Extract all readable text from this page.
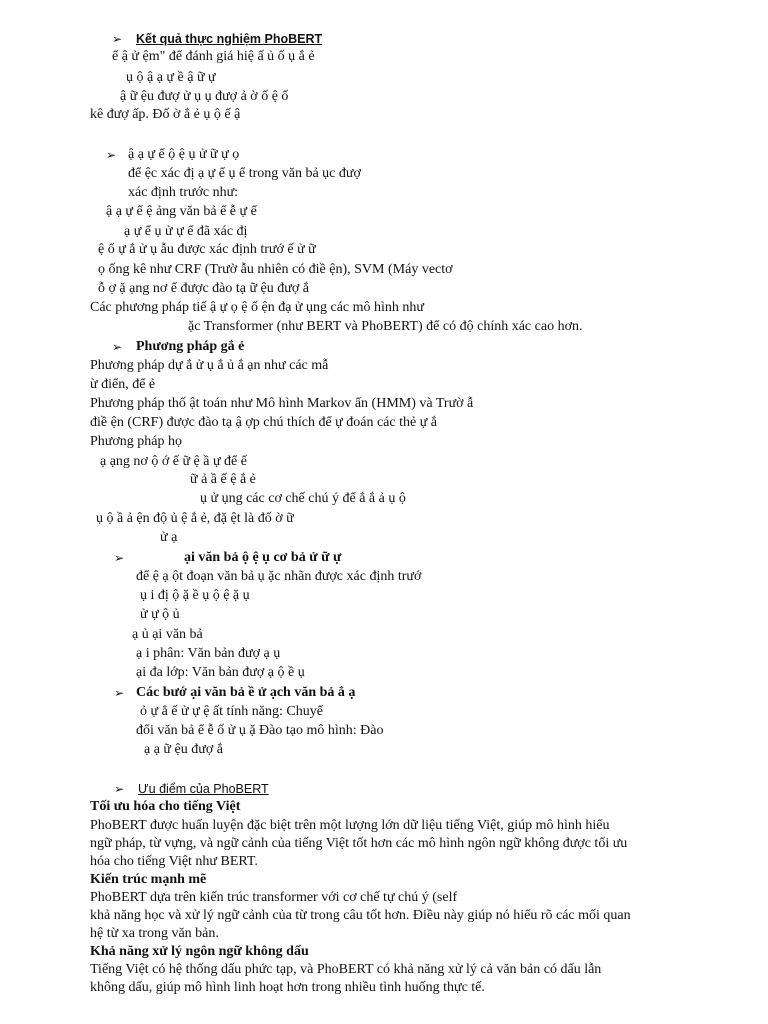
➢ Kết quả thực nghiệm PhoBERT
ể ậ ử ệm" để đánh giá hiệ ấ ủ ố ụ ắ ẻ
ụ ộ ậ ạ ự ề ậ ữ ự
ậ ữ ệu đượ ử ụ ụ đượ ả ờ ố ệ ố
kê đượ ấp. Đố ờ ắ ẻ ụ ộ ế ậ
➢ ậ ạ ự ể ộ ệ ụ ử ữ ự ọ
để ệc xác đị ạ ự ể ụ ể trong văn bả ục đượ
xác định trước như:
ậ ạ ự ể ệ ảng văn bả ể ễ ự ể
ạ ự ể ụ ử ự ể đã xác đị
ệ ố ự ắ ử ụ ẫu được xác định trướ ế ử ữ
ọ ống kê như CRF (Trườ ẫu nhiên có điề ện), SVM (Máy vectơ
ỗ ợ ặ ạng nơ ể được đào tạ ữ ệu đượ ắ
Các phương pháp tiế ậ ự ọ ệ ố ện đạ ử ụng các mô hình như
ặc Transformer (như BERT và PhoBERT) để có độ chính xác cao hơn.
➢ Phương pháp gắ ẻ
Phương pháp dự ắ ử ụ ắ ủ ắ ạn như các mẫ
ừ điển, để ẻ
Phương pháp thố ật toán như Mô hình Markov ẩn (HMM) và Trườ ẫ
điề ện (CRF) được đào tạ ậ ợp chú thích để ự đoán các thẻ ự ắ
Phương pháp họ
ạ ạng nơ ộ ớ ế ữ ệ ầ ự để ế
ữ ả ầ ế ệ ắ ẻ
ụ ử ụng các cơ chế chú ý để ắ ắ ả ụ ộ
ụ ộ ầ ả ện độ ủ ệ ắ ẻ, đặ ệt là đố ờ ữ
ử ạ
➢	ại văn bả ộ ệ ụ cơ bả ử ữ ự
để ệ ạ ột đoạn văn bả ụ ặc nhãn được xác định trướ
ụ i đị ộ ặ ề ụ ộ ệ ặ ụ
ử ự ộ ủ
ạ ủ ại văn bả
ạ i phân: Văn bản đượ ạ ụ
ại đa lớp: Văn bản đượ ạ ộ ề ụ
➢ Các bướ ại văn bả ề ử ạch văn bả ẳ ạ
ỏ ự ẳ ế ử ự ệ ất tính năng: Chuyể
đổi văn bả ể ễ ố ử ụ ặ Đào tạo mô hình: Đào
ạ ạ ữ ệu đượ ắ
➢ Ưu điểm của PhoBERT
Tối ưu hóa cho tiếng Việt
PhoBERT được huấn luyện đặc biệt trên một lượng lớn dữ liệu tiếng Việt, giúp mô hình hiểu
ngữ pháp, từ vựng, và ngữ cảnh của tiếng Việt tốt hơn các mô hình ngôn ngữ không được tối ưu
hóa cho tiếng Việt như BERT.
Kiến trúc mạnh mẽ
PhoBERT dựa trên kiến trúc transformer với cơ chế tự chú ý (self
khả năng học và xử lý ngữ cảnh của từ trong câu tốt hơn. Điều này giúp nó hiểu rõ các mối quan
hệ từ xa trong văn bản.
Khả năng xử lý ngôn ngữ không dấu
Tiếng Việt có hệ thống dấu phức tạp, và PhoBERT có khả năng xử lý cả văn bản có dấu lẫn
không dấu, giúp mô hình linh hoạt hơn trong nhiều tình huống thực tế.
